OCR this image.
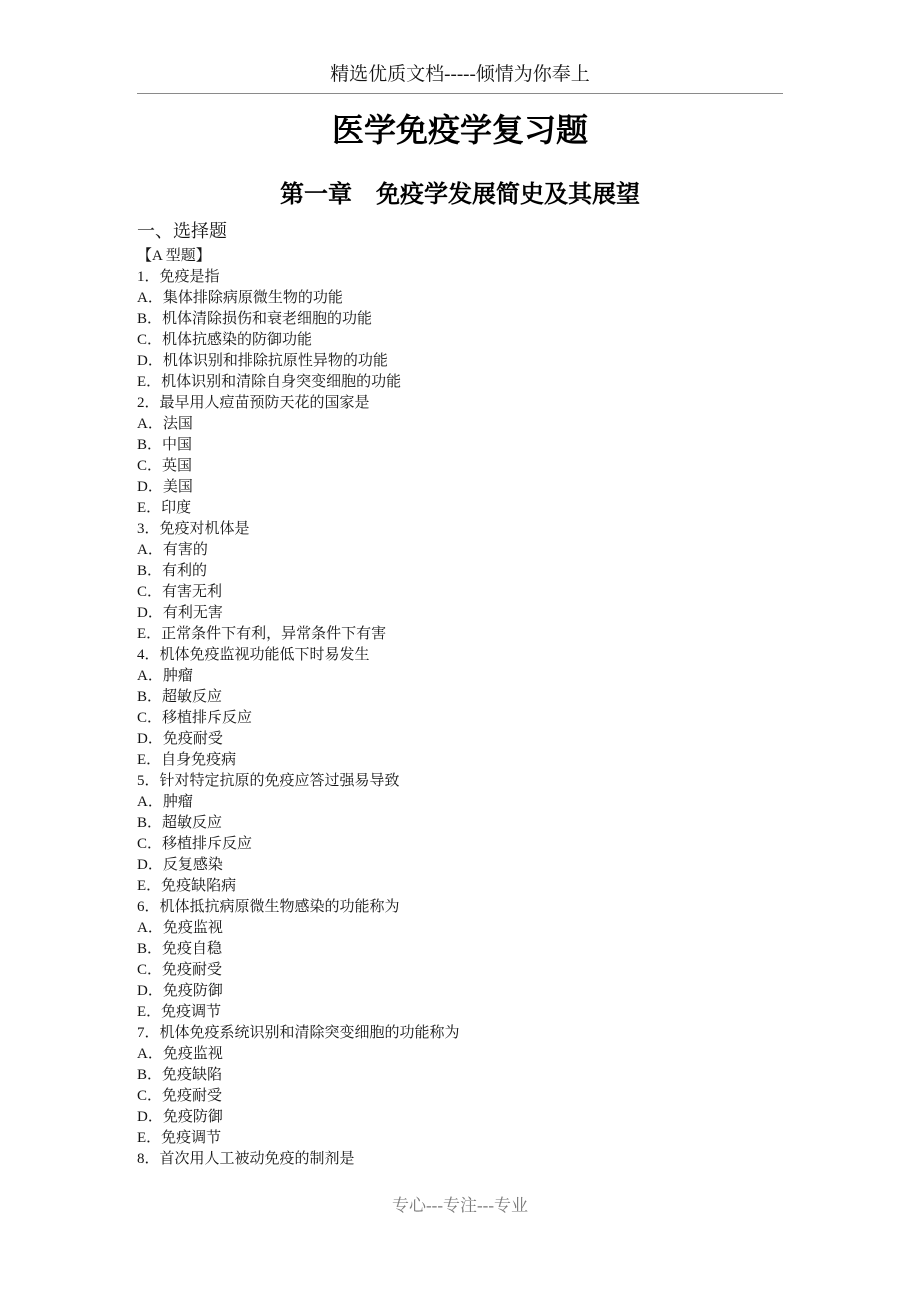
精选优质文档-----倾情为你奉上
医学免疫学复习题
第一章　免疫学发展简史及其展望
一、选择题
【A 型题】
1．免疫是指
A．集体排除病原微生物的功能
B．机体清除损伤和衰老细胞的功能
C．机体抗感染的防御功能
D．机体识别和排除抗原性异物的功能
E．机体识别和清除自身突变细胞的功能
2．最早用人痘苗预防天花的国家是
A．法国
B．中国
C．英国
D．美国
E．印度
3．免疫对机体是
A．有害的
B．有利的
C．有害无利
D．有利无害
E．正常条件下有利，异常条件下有害
4．机体免疫监视功能低下时易发生
A．肿瘤
B．超敏反应
C．移植排斥反应
D．免疫耐受
E．自身免疫病
5．针对特定抗原的免疫应答过强易导致
A．肿瘤
B．超敏反应
C．移植排斥反应
D．反复感染
E．免疫缺陷病
6．机体抵抗病原微生物感染的功能称为
A．免疫监视
B．免疫自稳
C．免疫耐受
D．免疫防御
E．免疫调节
7．机体免疫系统识别和清除突变细胞的功能称为
A．免疫监视
B．免疫缺陷
C．免疫耐受
D．免疫防御
E．免疫调节
8．首次用人工被动免疫的制剂是
专心---专注---专业
